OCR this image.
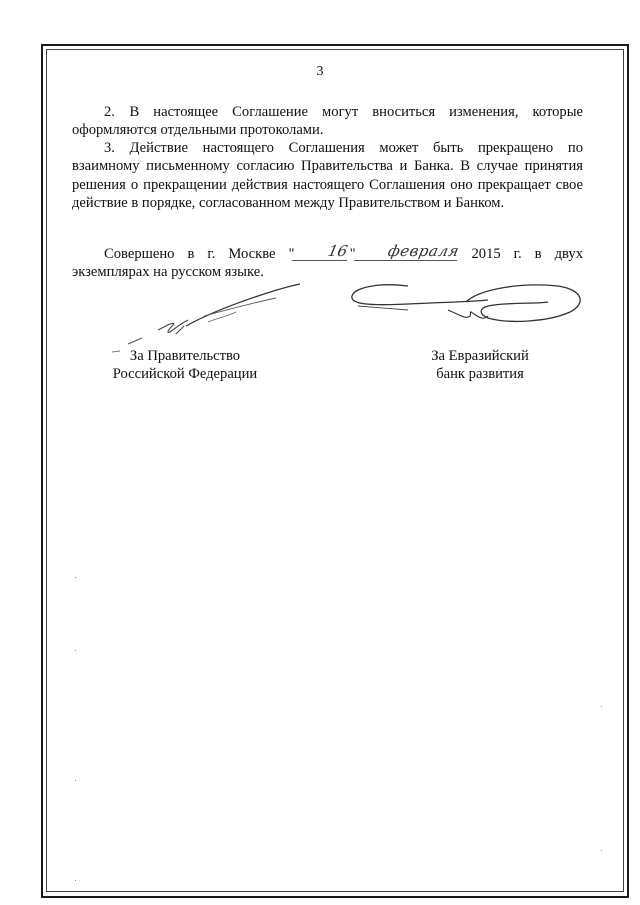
3

2. В настоящее Соглашение могут вноситься изменения, которые оформляются отдельными протоколами.

3. Действие настоящего Соглашения может быть прекращено по взаимному письменному согласию Правительства и Банка. В случае принятия решения о прекращении действия настоящего Соглашения оно прекращает свое действие в порядке, согласованном между Правительством и Банком.

Совершено в г. Москве " 16" февраля 2015 г. в двух экземплярах на русском языке.

За Правительство
Российской Федерации
За Евразийский
банк развития
